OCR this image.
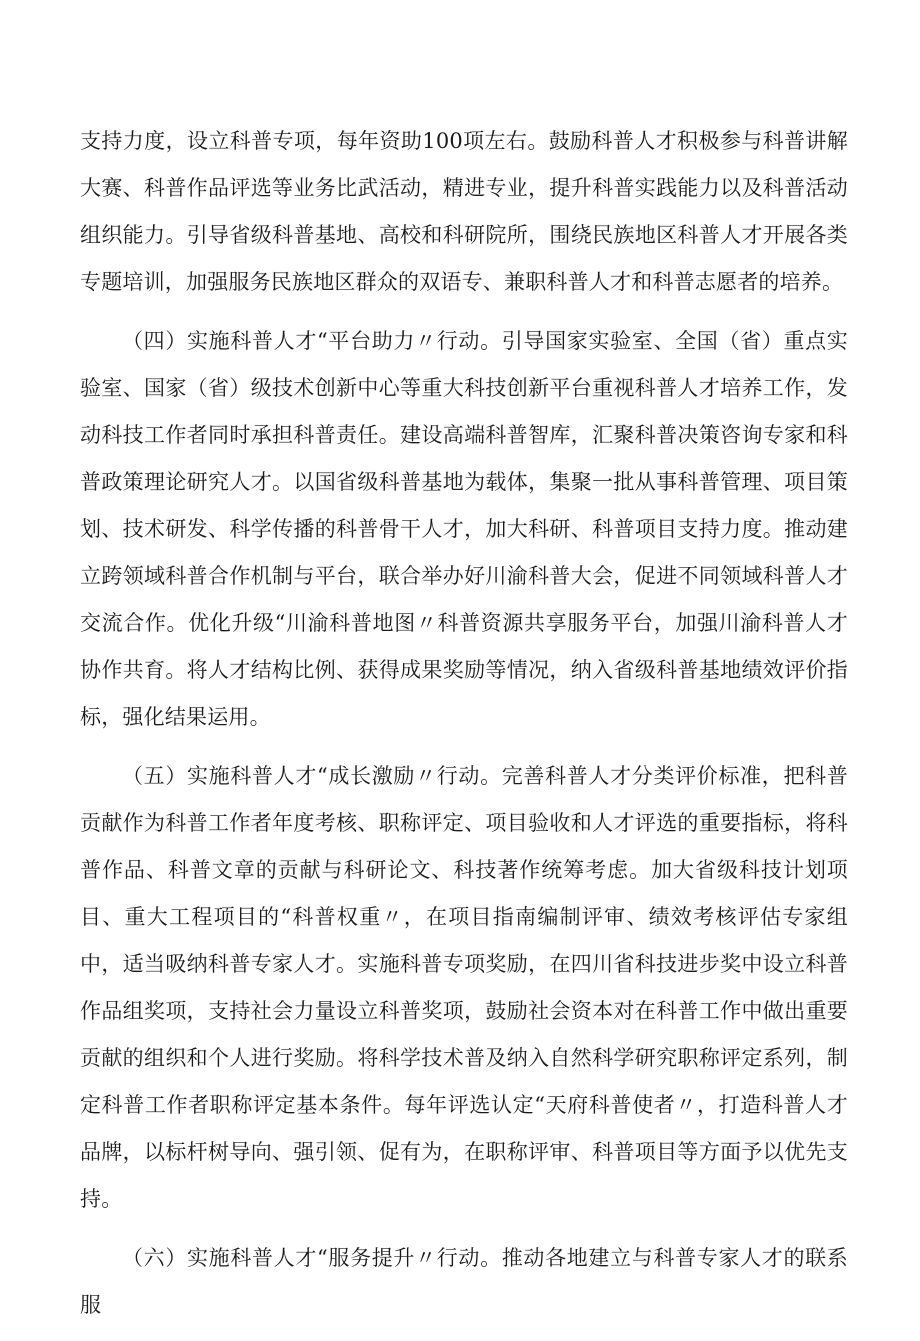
支持力度，设立科普专项，每年资助100项左右。鼓励科普人才积极参与科普讲解大赛、科普作品评选等业务比武活动，精进专业，提升科普实践能力以及科普活动组织能力。引导省级科普基地、高校和科研院所，围绕民族地区科普人才开展各类专题培训，加强服务民族地区群众的双语专、兼职科普人才和科普志愿者的培养。

（四）实施科普人才“平台助力〃行动。引导国家实验室、全国（省）重点实验室、国家（省）级技术创新中心等重大科技创新平台重视科普人才培养工作，发动科技工作者同时承担科普责任。建设高端科普智库，汇聚科普决策咨询专家和科普政策理论研究人才。以国省级科普基地为载体，集聚一批从事科普管理、项目策划、技术研发、科学传播的科普骨干人才，加大科研、科普项目支持力度。推动建立跨领域科普合作机制与平台，联合举办好川渝科普大会，促进不同领域科普人才交流合作。优化升级“川渝科普地图〃科普资源共享服务平台，加强川渝科普人才协作共育。将人才结构比例、获得成果奖励等情况，纳入省级科普基地绩效评价指标，强化结果运用。

（五）实施科普人才“成长激励〃行动。完善科普人才分类评价标准，把科普贡献作为科普工作者年度考核、职称评定、项目验收和人才评选的重要指标，将科普作品、科普文章的贡献与科研论文、科技著作统筹考虑。加大省级科技计划项目、重大工程项目的“科普权重〃，在项目指南编制评审、绩效考核评估专家组中，适当吸纳科普专家人才。实施科普专项奖励，在四川省科技进步奖中设立科普作品组奖项，支持社会力量设立科普奖项，鼓励社会资本对在科普工作中做出重要贡献的组织和个人进行奖励。将科学技术普及纳入自然科学研究职称评定系列，制定科普工作者职称评定基本条件。每年评选认定“天府科普使者〃，打造科普人才品牌，以标杆树导向、强引领、促有为，在职称评审、科普项目等方面予以优先支持。

（六）实施科普人才“服务提升〃行动。推动各地建立与科普专家人才的联系服
